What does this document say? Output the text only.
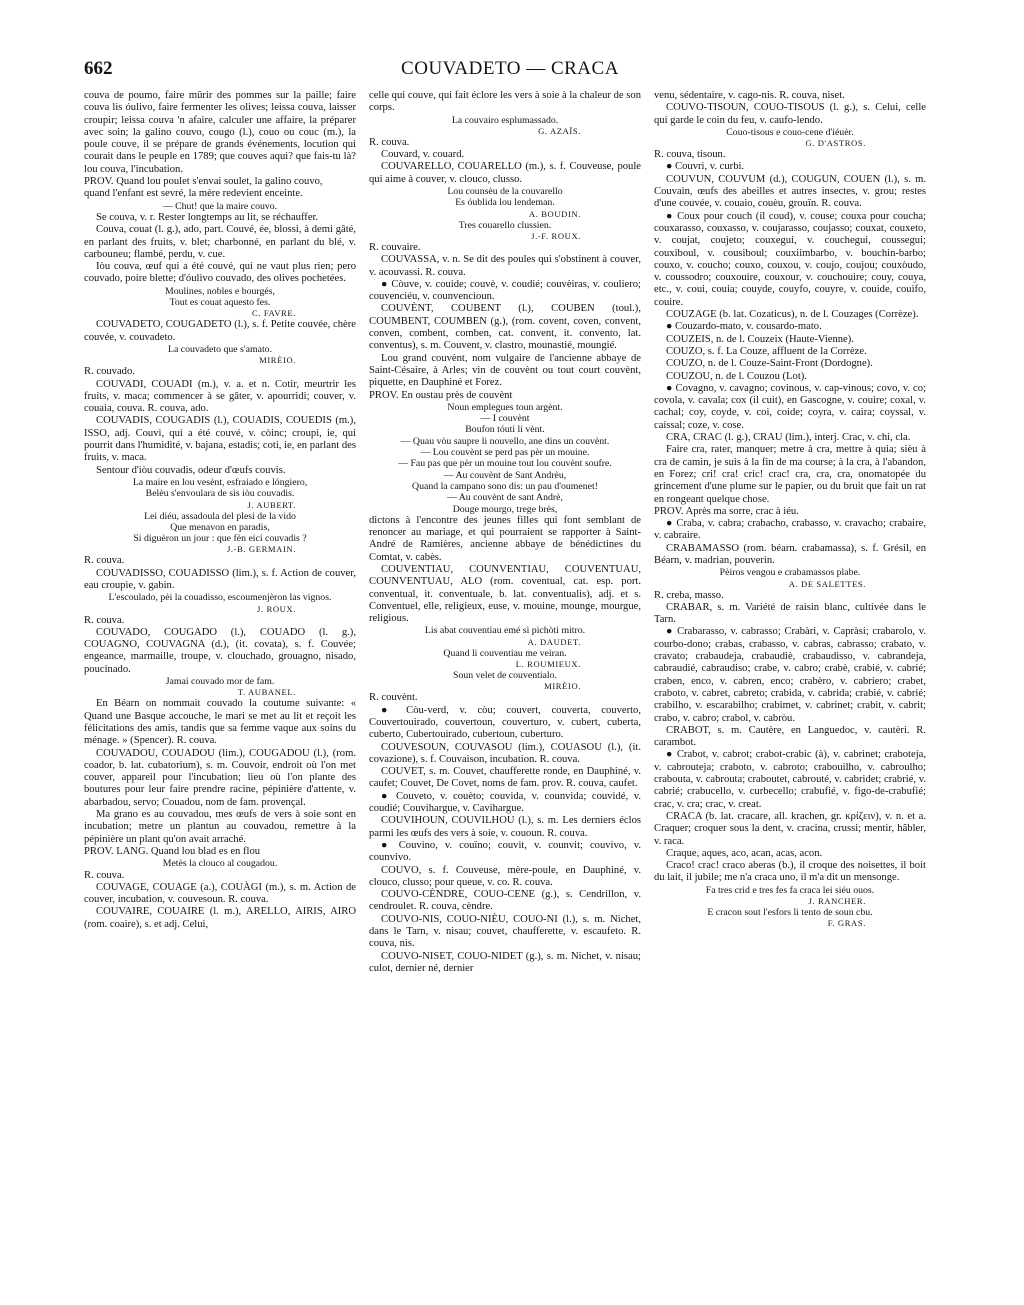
662	COUVADETO — CRACA

couva de poumo, faire mûrir des pommes sur la paille; faire couva lis óulivo, faire fermenter les olives; leissa couva, laisser croupir; leissa couva 'n afaire, calculer une affaire, la préparer avec soin; la galino couvo, cougo (l.), couo ou couc (m.), la poule couve, il se prépare de grands événements, locution qui courait dans le peuple en 1789; que couves aqui? que fais-tu là? lou couva, l'incubation.

PROV. Quand lou poulet s'envai soulet, la galino couvo,

quand l'enfant est sevré, la mère redevient enceinte.

— Chut! que la maire couvo.

Se couva, v. r. Rester longtemps au lit, se réchauffer.

Couva, couat (l. g.), ado, part. Couvé, ée, blossi, à demi gâté, en parlant des fruits, v. blet; charbonné, en parlant du blé, v. carbouneu; flambé, perdu, v. cue.

Iòu couva, œuf qui a été couvé, qui ne vaut plus rien; pero couvado, poire blette; d'óulivo couvado, des olives pochetées.

Moulines, nobles e bourgés,

Tout es couat aquesto fes.

C. FAVRE.

COUVADETO, COUGADETO (l.), s. f. Petite couvée, chère couvée, v. couvadeto.

La couvadeto que s'amato.

MIRÈIO.

R. couvado.

COUVADI, COUADI (m.), v. a. et n. Cotir, meurtrir les fruits, v. maca; commencer à se gâter, v. apourridi; couver, v. couaia, couva. R. couva, ado.

COUVADIS, COUGADIS (l.), COUADIS, COUEDIS (m.), ISSO, adj. Couvi, qui a été couvé, v. còinc; croupi, ie, qui pourrit dans l'humidité, v. bajana, estadis; coti, ie, en parlant des fruits, v. maca.

Sentour d'iòu couvadis, odeur d'œufs couvis.

La maire en lou vesènt, esfraiado e lóngiero,

Belèu s'envoulara de sis iòu couvadis.

J. AUBERT.

Lei diéu, assadoula del plesi de la vido

Que menavon en paradis,

Si diguèron un jour : que fèn eici couvadis ?

J.-B. GERMAIN.

R. couva.

COUVADISSO, COUADISSO (lim.), s. f. Action de couver, eau croupie, v. gabin.

L'escoulado, pèi la couadisso, escoumenjèron las vignos.

J. ROUX.

R. couva.

COUVADO, COUGADO (l.), COUADO (l. g.), COUAGNO, COUVAGNA (d.), (it. covata), s. f. Couvée; engeance, marmaille, troupe, v. clouchado, grouagno, nisado, poucinado.

Jamai couvado mor de fam.

T. AUBANEL.

En Béarn on nommait couvado la coutume suivante: « Quand une Basque accouche, le mari se met au lit et reçoit les félicitations des amis, tandis que sa femme vaque aux soins du ménage. » (Spencer). R. couva.

COUVADOU, COUADOU (lim.), COUGADOU (l.), (rom. coador, b. lat. cubatorium), s. m. Couvoir, endroit où l'on met couver, appareil pour l'incubation; lieu où l'on plante des boutures pour leur faire prendre racine, pépinière d'attente, v. abarbadou, servo; Couadou, nom de fam. provençal.

Ma grano es au couvadou, mes œufs de vers à soie sont en incubation; metre un plantun au couvadou, remettre à la pépinière un plant qu'on avait arraché.

PROV. LANG. Quand lou blad es en flou

Metès la clouco al cougadou.

R. couva.

COUVAGE, COUAGE (a.), COUÀGI (m.), s. m. Action de couver, incubation, v. couvesoun. R. couva.

COUVAIRE, COUAIRE (l. m.), ARELLO, AIRIS, AIRO (rom. coaire), s. et adj. Celui,

celle qui couve, qui fait éclore les vers à soie à la chaleur de son corps.

La couvairo esplumassado.

G. AZAÏS.

R. couva.

Couvard, v. couard.

COUVARELLO, COUARELLO (m.), s. f. Couveuse, poule qui aime à couver, v. clouco, clusso.

Lou counsèu de la couvarello

Es óublida lou lendeman.

A. BOUDIN.

Tres couarello clussien.

J.-F. ROUX.

R. couvaire.

COUVASSA, v. n. Se dit des poules qui s'obstinent à couver, v. acouvassi. R. couva.

● Còuve, v. couide; couvè, v. coudié; couvèiras, v. couliero; couvenciéu, v. counvencioun.

COUVÈNT, COUBENT (l.), COUBEN (toul.), COUMBENT, COUMBEN (g.), (rom. covent, coven, convent, conven, combent, comben, cat. convent, it. convento, lat. conventus), s. m. Couvent, v. clastro, mounastié, moungié.

Lou grand couvènt, nom vulgaire de l'ancienne abbaye de Saint-Césaire, à Arles; vin de couvènt ou tout court couvènt, piquette, en Dauphiné et Forez.

PROV. En oustau près de couvènt

Noun emplegues toun argènt.

— I couvènt

Boufon tóuti li vènt.

— Quau vòu saupre li nouvello, ane dins un couvènt.

— Lou couvènt se perd pas pèr un mouine.

— Fau pas que pèr un mouine tout lou couvènt soufre.

— Au couvènt de Sant Andrèu,

Quand la campano sono dis: un pau d'oumenet!

— Au couvènt de sant Andrè,

Douge mourgo, trege brès,

dictons à l'encontre des jeunes filles qui font semblant de renoncer au mariage, et qui pourraient se rapporter à Saint-André de Ramières, ancienne abbaye de bénédictines du Comtat, v. cabès.

COUVENTIAU, COUNVENTIAU, COUVENTUAU, COUNVENTUAU, ALO (rom. coventual, cat. esp. port. conventual, it. conventuale, b. lat. conventualis), adj. et s. Conventuel, elle, religieux, euse, v. mouine, mounge, mourgue, religious.

Lis abat couventiau emé si pichòti mitro.

A. DAUDET.

Quand li couventiau me veiran.

L. ROUMIEUX.

Soun velet de couventialo.

MIRÈIO.

R. couvènt.

● Còu-verd, v. còu; couvert, couverta, couverto, Couvertouirado, couvertoun, couverturo, v. cubert, cuberta, cuberto, Cubertouirado, cubertoun, cuberturo.

COUVESOUN, COUVASOU (lim.), COUASOU (l.), (it. covazione), s. f. Couvaison, incubation. R. couva.

COUVET, s. m. Couvet, chaufferette ronde, en Dauphiné, v. caufet; Couvet, De Covet, noms de fam. prov. R. couva, caufet.

● Couveto, v. couèto; couvida, v. counvida; couvidé, v. coudié; Couvihargue, v. Cavihargue.

COUVIHOUN, COUVILHOU (l.), s. m. Les derniers éclos parmi les œufs des vers à soie, v. cououn. R. couva.

● Couvino, v. couïno; couvit, v. counvit; couvivo, v. counvivo.

COUVO, s. f. Couveuse, mère-poule, en Dauphiné, v. clouco, clusso; pour queue, v. co. R. couva.

COUVO-CÈNDRE, COUO-CENE (g.), s. Cendrillon, v. cendroulet. R. couva, cèndre.

COUVO-NIS, COUO-NIÈU, COUO-NI (l.), s. m. Nichet, dans le Tarn, v. nisau; couvet, chaufferette, v. escaufeto. R. couva, nis.

COUVO-NISET, COUO-NIDET (g.), s. m. Nichet, v. nisau; culot, dernier né, dernier

venu, sédentaire, v. cago-nis. R. couva, niset.

COUVO-TISOUN, COUO-TISOUS (l. g.), s. Celui, celle qui garde le coin du feu, v. caufo-lendo.

Couo-tisous e couo-cene d'iéuèr.

G. D'ASTROS.

R. couva, tisoun.

● Couvri, v. curbi.

COUVUN, COUVUM (d.), COUGUN, COUEN (l.), s. m. Couvain, œufs des abeilles et autres insectes, v. grou; restes d'une couvée, v. couaio, couèu, grouïn. R. couva.

● Coux pour couch (il coud), v. couse; couxa pour coucha; couxarasso, couxasso, v. coujarasso, coujasso; couxat, couxeto, v. coujat, coujeto; couxegui, v. couchegui, coussegui; couxiboul, v. cousiboul; couxiimbarbo, v. bouchin-barbo; couxo, v. coucho; couxo, couxou, v. coujo, coujou; couxòudo, v. coussodro; couxouire, couxour, v. couchouire; couy, couya, etc., v. coui, couia; couyde, couyfo, couyre, v. couide, couifo, couire.

COUZAGE (b. lat. Cozaticus), n. de l. Couzages (Corrèze).

● Couzardo-mato, v. cousardo-mato.

COUZEIS, n. de l. Couzeix (Haute-Vienne).

COUZO, s. f. La Couze, affluent de la Corrèze.

COUZO, n. de l. Couze-Saint-Front (Dordogne).

COUZOU, n. de l. Couzou (Lot).

● Covagno, v. cavagno; covinous, v. cap-vinous; covo, v. co; covola, v. cavala; cox (il cuit), en Gascogne, v. couire; coxal, v. cachal; coy, coyde, v. coi, coide; coyra, v. caira; coyssal, v. caissal; coze, v. cose.

CRA, CRAC (l. g.), CRAU (lim.), interj. Crac, v. chi, cla.

Faire cra, rater, manquer; metre à cra, mettre à quia; sièu à cra de camin, je suis à la fin de ma course; à la cra, à l'abandon, en Forez; cri! cra! cric! crac! cra, cra, cra, onomatopée du grincement d'une plume sur le papier, ou du bruit que fait un rat en rongeant quelque chose.

PROV. Après ma sorre, crac à iéu.

● Craba, v. cabra; crabacho, crabasso, v. cravacho; crabaire, v. cabraire.

CRABAMASSO (rom. béarn. crabamassa), s. f. Grésil, en Béarn, v. madrian, pouverin.

Pèiros vengou e crabamassos plabe.

A. DE SALETTES.

R. creba, masso.

CRABAR, s. m. Variété de raisin blanc, cultivée dans le Tarn.

● Crabarasso, v. cabrasso; Crabàri, v. Capràsi; crabarolo, v. courbo-dono; crabas, crabasso, v. cabras, cabrasso; crabato, v. cravato; crabaudeja, crabaudiè, crabaudisso, v. cabrandeja, cabraudié, cabraudiso; crabe, v. cabro; crabè, crabié, v. cabrié; craben, enco, v. cabren, enco; crabèro, v. cabriero; crabet, craboto, v. cabret, cabreto; crabida, v. cabrida; crabié, v. cabrié; crabilho, v. escarabilho; crabimet, v. cabrinet; crabit, v. cabrit; crabo, v. cabro; crabol, v. cabròu.

CRABOT, s. m. Cautère, en Languedoc, v. cautèri. R. carambot.

● Crabot, v. cabrot; crabot-crabic (à), v. cabrinet; craboteja, v. cabrouteja; craboto, v. cabroto; crabouilho, v. cabroulho; crabouta, v. cabrouta; craboutet, cabrouté, v. cabridet; crabrié, v. cabrié; crabucello, v. curbecello; crabufié, v. figo-de-crabufié; crac, v. cra; crac, v. creat.

CRACA (b. lat. cracare, all. krachen, gr. κρίζειν), v. n. et a. Craquer; croquer sous la dent, v. cracina, crussi; mentir, hâbler, v. raca.

Craque, aques, aco, acan, acas, acon.

Craco! crac! craco aberas (b.), il croque des noisettes, il boit du lait, il jubile; me n'a craca uno, il m'a dit un mensonge.

Fa tres crid e tres fes fa craca lei siéu ouos.

J. RANCHER.

E cracon sout l'esfors li tento de soun cbu.

F. GRAS.
